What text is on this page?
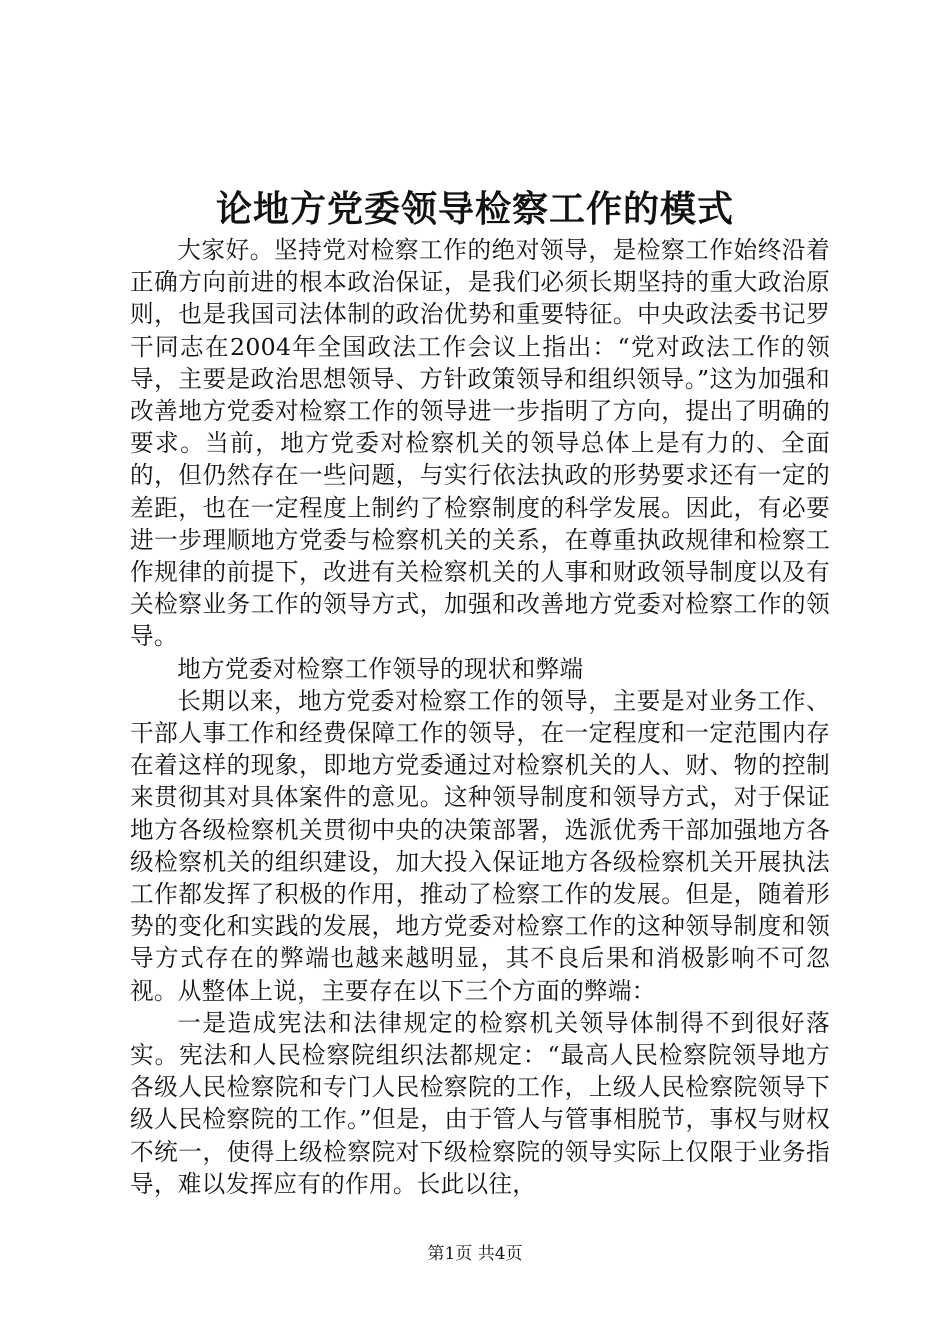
论地方党委领导检察工作的模式

大家好。坚持党对检察工作的绝对领导，是检察工作始终沿着正确方向前进的根本政治保证，是我们必须长期坚持的重大政治原则，也是我国司法体制的政治优势和重要特征。中央政法委书记罗干同志在2004年全国政法工作会议上指出：“党对政法工作的领导，主要是政治思想领导、方针政策领导和组织领导。”这为加强和改善地方党委对检察工作的领导进一步指明了方向，提出了明确的要求。当前，地方党委对检察机关的领导总体上是有力的、全面的，但仍然存在一些问题，与实行依法执政的形势要求还有一定的差距，也在一定程度上制约了检察制度的科学发展。因此，有必要进一步理顺地方党委与检察机关的关系，在尊重执政规律和检察工作规律的前提下，改进有关检察机关的人事和财政领导制度以及有关检察业务工作的领导方式，加强和改善地方党委对检察工作的领导。

地方党委对检察工作领导的现状和弊端

长期以来，地方党委对检察工作的领导，主要是对业务工作、干部人事工作和经费保障工作的领导，在一定程度和一定范围内存在着这样的现象，即地方党委通过对检察机关的人、财、物的控制来贯彻其对具体案件的意见。这种领导制度和领导方式，对于保证地方各级检察机关贯彻中央的决策部署，选派优秀干部加强地方各级检察机关的组织建设，加大投入保证地方各级检察机关开展执法工作都发挥了积极的作用，推动了检察工作的发展。但是，随着形势的变化和实践的发展，地方党委对检察工作的这种领导制度和领导方式存在的弊端也越来越明显，其不良后果和消极影响不可忽视。从整体上说，主要存在以下三个方面的弊端：

一是造成宪法和法律规定的检察机关领导体制得不到很好落实。宪法和人民检察院组织法都规定：“最高人民检察院领导地方各级人民检察院和专门人民检察院的工作，上级人民检察院领导下级人民检察院的工作。”但是，由于管人与管事相脱节，事权与财权不统一，使得上级检察院对下级检察院的领导实际上仅限于业务指导，难以发挥应有的作用。长此以往，

第1页 共4页
